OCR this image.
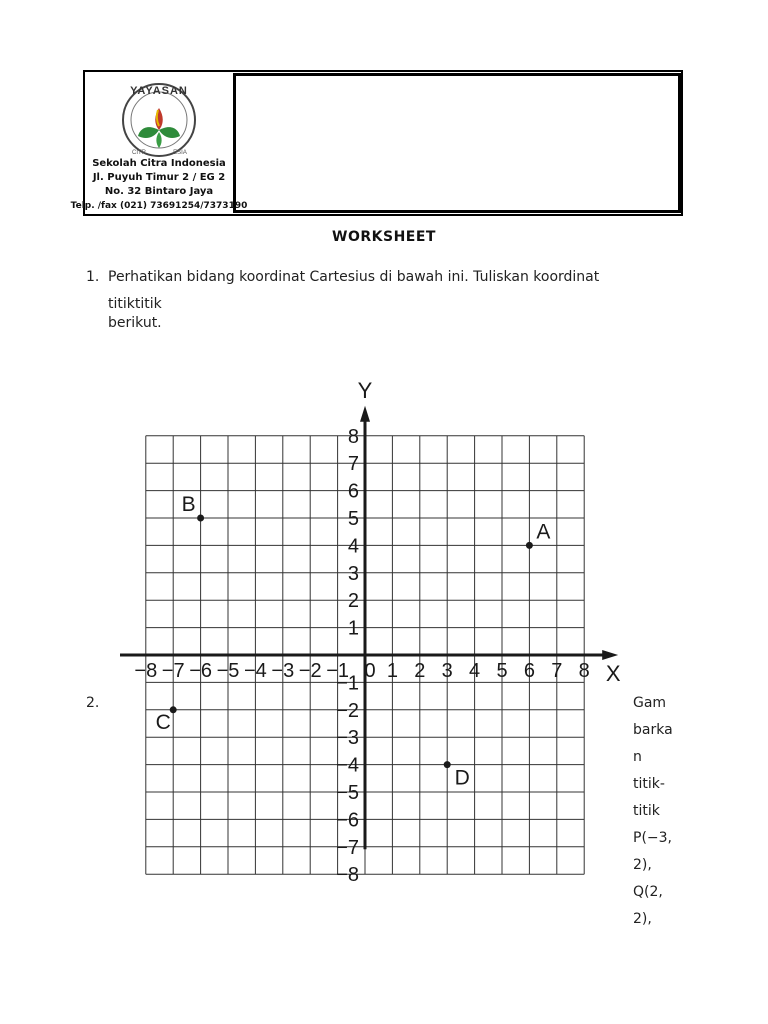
YAYASAN
CITR	ESIA
Sekolah Citra Indonesia
Jl. Puyuh Timur 2 / EG 2
No. 32 Bintaro Jaya
Telp. /fax (021) 73691254/7373190
WORKSHEET
1. Perhatikan bidang koordinat Cartesius di bawah ini. Tuliskan koordinat
titiktitik
berikut.
2.	Gam
barka
n
titik-
titik
P(−3,
2),
Q(2,
2),
X
Y
−8 −7 −6 −5 −4 −3 −2 −1 0 1 2 3 4 5 6 7 8
1
2
3
4
5
6
7
8
−1
−2
−3
−4
−5
−6
−7
−8
A
B
C
D
